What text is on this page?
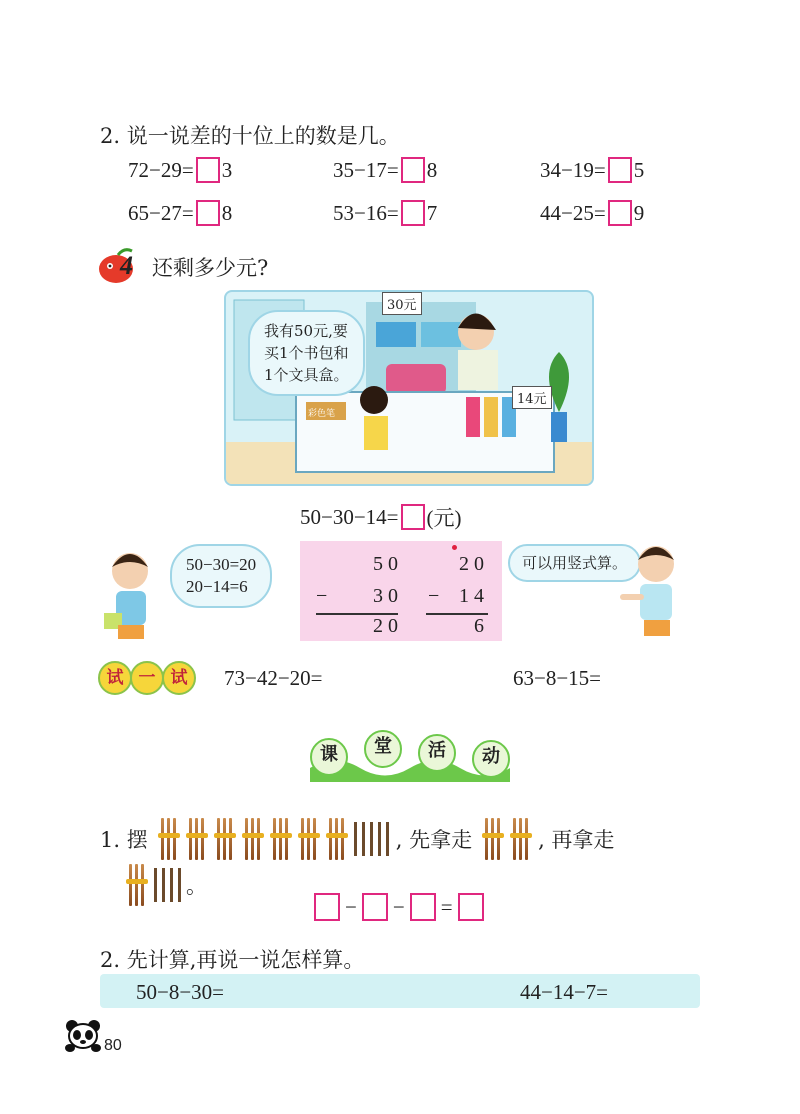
2. 说一说差的十位上的数是几。
72−29= 3	35−17= 8	34−19= 5
65−27= 8	53−16= 7	44−25= 9
4 还剩多少元?
30元
14元
彩色笔
我有50元,要
买1个书包和
1个文具盒。
50−30−14= (元)
50−30=20
20−14=6
5 0
−	3 0
2 0
2 0
− 1 4
6
可以用竖式算。
试 一 试	73−42−20=	63−8−15=
课	堂	活	动
1. 摆	, 先拿走	, 再拿走
。
− − =
2. 先计算,再说一说怎样算。
50−8−30=	44−14−7=
80
